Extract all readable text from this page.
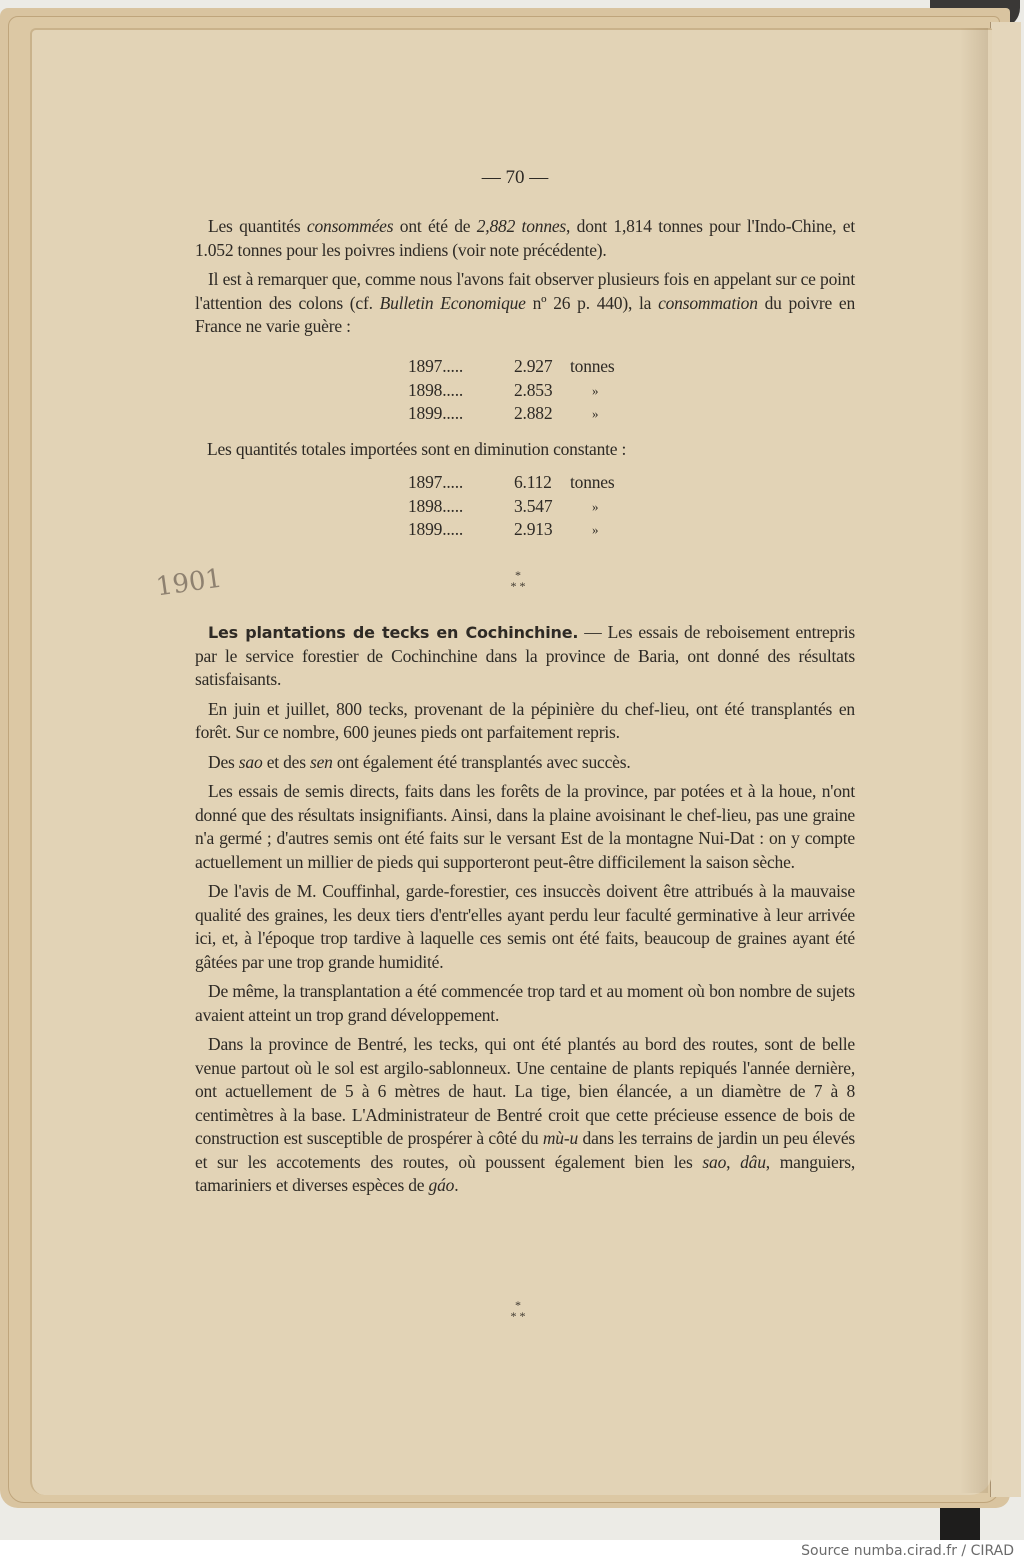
— 70 —

Les quantités consommées ont été de 2,882 tonnes, dont 1,814 tonnes pour l'Indo-Chine, et 1.052 tonnes pour les poivres indiens (voir note précédente).

Il est à remarquer que, comme nous l'avons fait observer plusieurs fois en appelant sur ce point l'attention des colons (cf. Bulletin Economique nº 26 p. 440), la consommation du poivre en France ne varie guère :

1897.....	2.927	tonnes
1898.....	2.853	»
1899.....	2.882	»
Les quantités totales importées sont en diminution constante :
1897.....	6.112	tonnes
1898.....	3.547	»
1899.....	2.913	»
1901	*
* *

Les plantations de tecks en Cochinchine. — Les essais de reboisement entrepris par le service forestier de Cochinchine dans la province de Baria, ont donné des résultats satisfaisants.

En juin et juillet, 800 tecks, provenant de la pépinière du chef-lieu, ont été transplantés en forêt. Sur ce nombre, 600 jeunes pieds ont parfaitement repris.

Des sao et des sen ont également été transplantés avec succès.

Les essais de semis directs, faits dans les forêts de la province, par potées et à la houe, n'ont donné que des résultats insignifiants. Ainsi, dans la plaine avoisinant le chef-lieu, pas une graine n'a germé ; d'autres semis ont été faits sur le versant Est de la montagne Nui-Dat : on y compte actuellement un millier de pieds qui supporteront peut-être difficilement la saison sèche.

De l'avis de M. Couffinhal, garde-forestier, ces insuccès doivent être attribués à la mauvaise qualité des graines, les deux tiers d'entr'elles ayant perdu leur faculté germinative à leur arrivée ici, et, à l'époque trop tardive à laquelle ces semis ont été faits, beaucoup de graines ayant été gâtées par une trop grande humidité.

De même, la transplantation a été commencée trop tard et au moment où bon nombre de sujets avaient atteint un trop grand développement.

Dans la province de Bentré, les tecks, qui ont été plantés au bord des routes, sont de belle venue partout où le sol est argilo-sablonneux. Une centaine de plants repiqués l'année dernière, ont actuellement de 5 à 6 mètres de haut. La tige, bien élancée, a un diamètre de 7 à 8 centimètres à la base. L'Administrateur de Bentré croit que cette précieuse essence de bois de construction est susceptible de prospérer à côté du mù-u dans les terrains de jardin un peu élevés et sur les accotements des routes, où poussent également bien les sao, dâu, manguiers, tamariniers et diverses espèces de gáo.

*
* *
Source numba.cirad.fr / CIRAD
